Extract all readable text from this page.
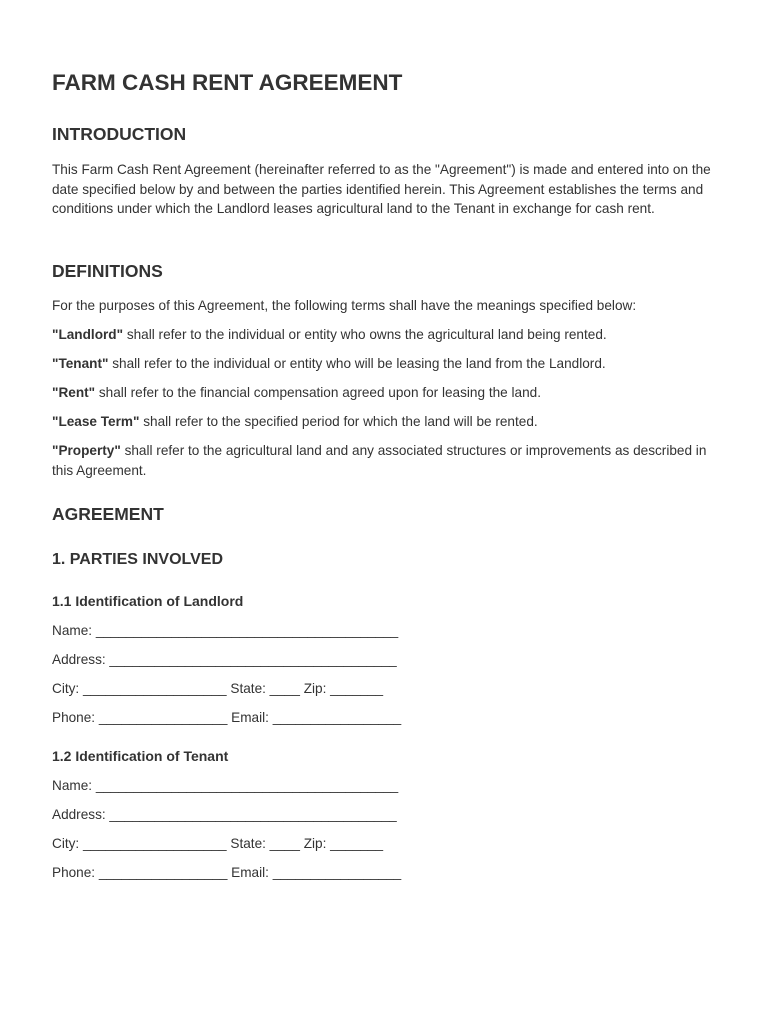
FARM CASH RENT AGREEMENT
INTRODUCTION

This Farm Cash Rent Agreement (hereinafter referred to as the "Agreement") is made and entered into on the date specified below by and between the parties identified herein. This Agreement establishes the terms and conditions under which the Landlord leases agricultural land to the Tenant in exchange for cash rent.

DEFINITIONS

For the purposes of this Agreement, the following terms shall have the meanings specified below:

"Landlord" shall refer to the individual or entity who owns the agricultural land being rented.

"Tenant" shall refer to the individual or entity who will be leasing the land from the Landlord.

"Rent" shall refer to the financial compensation agreed upon for leasing the land.

"Lease Term" shall refer to the specified period for which the land will be rented.

"Property" shall refer to the agricultural land and any associated structures or improvements as described in this Agreement.

AGREEMENT
1. PARTIES INVOLVED
1.1 Identification of Landlord
Name: ________________________________________
Address: ______________________________________
City: ___________________ State: ____ Zip: _______
Phone: _________________ Email: _________________
1.2 Identification of Tenant
Name: ________________________________________
Address: ______________________________________
City: ___________________ State: ____ Zip: _______
Phone: _________________ Email: _________________
